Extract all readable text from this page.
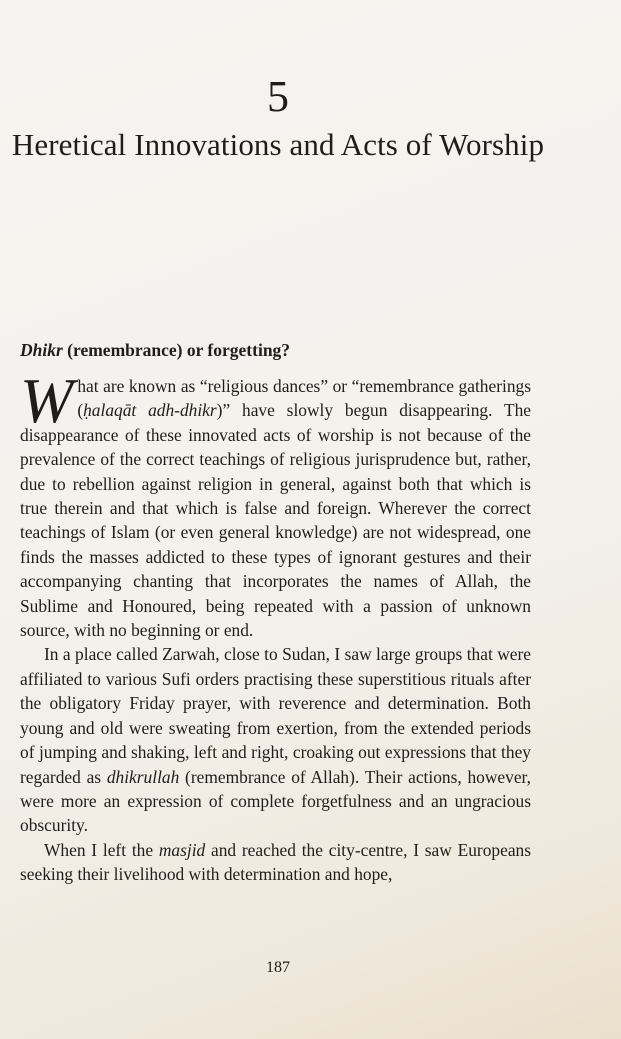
5
Heretical Innovations and Acts of Worship
Dhikr (remembrance) or forgetting?

What are known as “religious dances” or “remembrance gatherings (ḥalaqāt adh-dhikr)” have slowly begun disappearing. The disappearance of these innovated acts of worship is not because of the prevalence of the correct teachings of religious jurisprudence but, rather, due to rebellion against religion in general, against both that which is true therein and that which is false and foreign. Wherever the correct teachings of Islam (or even general knowledge) are not widespread, one finds the masses addicted to these types of ignorant gestures and their accompanying chanting that incorporates the names of Allah, the Sublime and Honoured, being repeated with a passion of unknown source, with no beginning or end.

In a place called Zarwah, close to Sudan, I saw large groups that were affiliated to various Sufi orders practising these superstitious rituals after the obligatory Friday prayer, with reverence and determination. Both young and old were sweating from exertion, from the extended periods of jumping and shaking, left and right, croaking out expressions that they regarded as dhikrullah (remembrance of Allah). Their actions, however, were more an expression of complete forgetfulness and an ungracious obscurity.

When I left the masjid and reached the city-centre, I saw Europeans seeking their livelihood with determination and hope,

187
